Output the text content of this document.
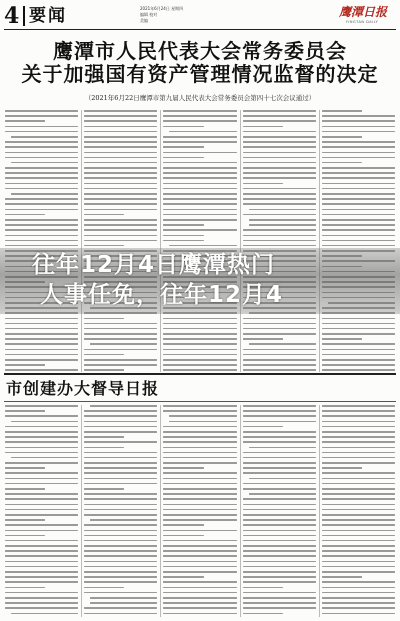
4 要闻	2021年6月24日 星期四
编辑 校对
美编
鹰潭日报
YINGTAN DAILY
鹰潭市人民代表大会常务委员会
关于加强国有资产管理情况监督的决定
（2021年6月22日鹰潭市第九届人民代表大会常务委员会第四十七次会议通过）
往年12月4日鹰潭热门
人事任免，往年12月4
市创建办大督导日报
